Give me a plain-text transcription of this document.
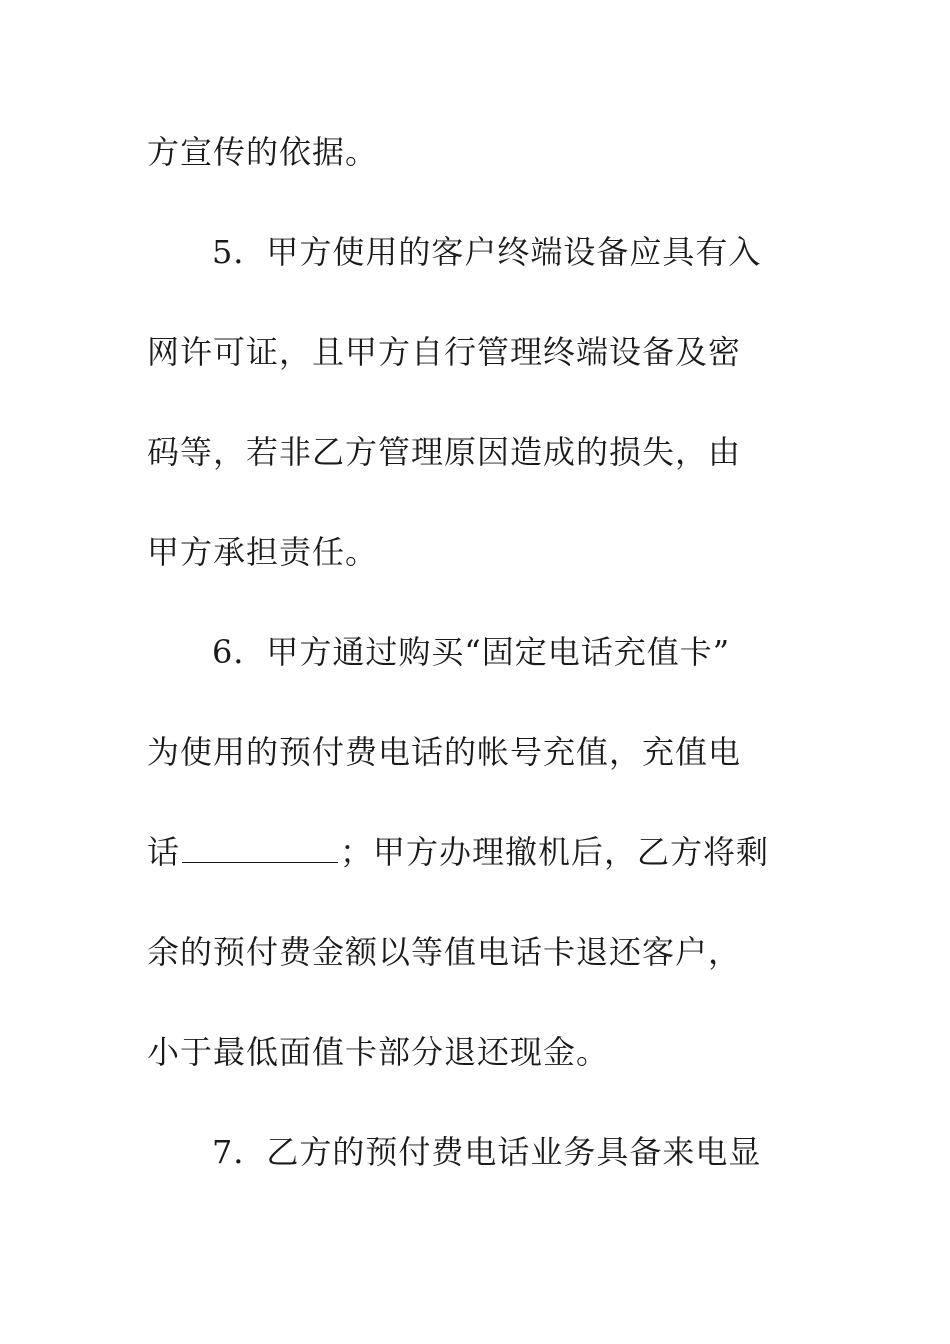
方宣传的依据。
5．甲方使用的客户终端设备应具有入
网许可证，且甲方自行管理终端设备及密
码等，若非乙方管理原因造成的损失，由
甲方承担责任。
6．甲方通过购买“固定电话充值卡”
为使用的预付费电话的帐号充值，充值电
话	；甲方办理撤机后，乙方将剩
余的预付费金额以等值电话卡退还客户，
小于最低面值卡部分退还现金。
7．乙方的预付费电话业务具备来电显
